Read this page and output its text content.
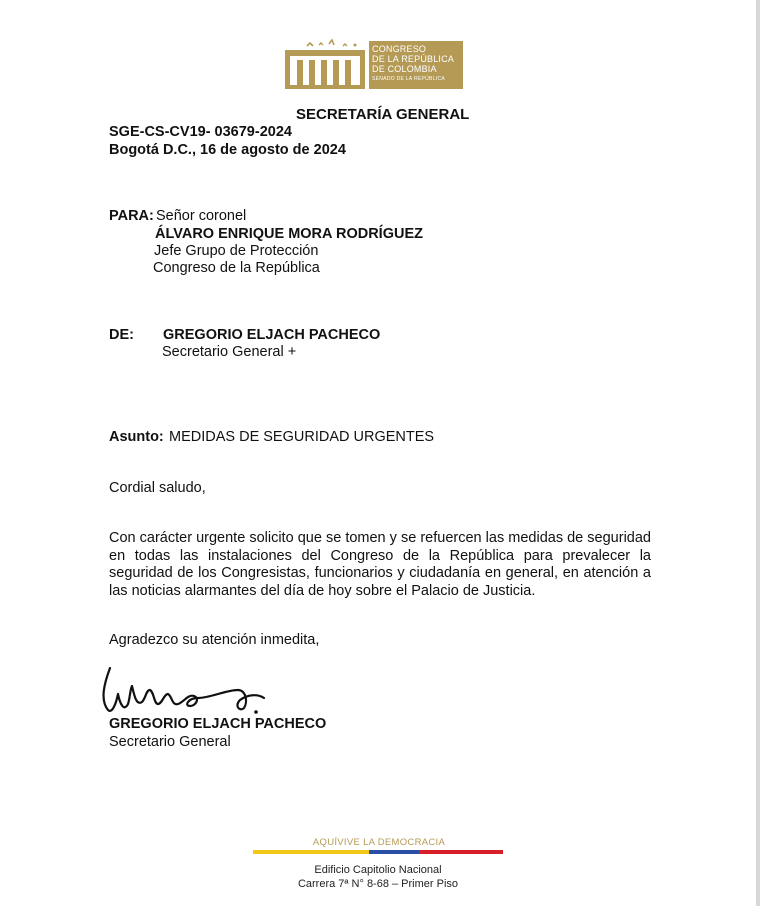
CONGRESO
DE LA REPÚBLICA
DE COLOMBIA
SENADO DE LA REPÚBLICA
SECRETARÍA GENERAL
SGE-CS-CV19- 03679-2024
Bogotá D.C., 16 de agosto de 2024
PARA: Señor coronel
ÁLVARO ENRIQUE MORA RODRÍGUEZ
Jefe Grupo de Protección
Congreso de la República
DE: GREGORIO ELJACH PACHECO
Secretario General +
Asunto: MEDIDAS DE SEGURIDAD URGENTES
Cordial saludo,
Con carácter urgente solicito que se tomen y se refuercen las medidas de seguridad en todas las instalaciones del Congreso de la República para prevalecer la seguridad de los Congresistas, funcionarios y ciudadanía en general, en atención a las noticias alarmantes del día de hoy sobre el Palacio de Justicia.
Agradezco su atención inmedita,
GREGORIO ELJACH PACHECO
Secretario General
AQUÍVIVE LA DEMOCRACIA
Edificio Capitolio Nacional
Carrera 7ª N° 8-68 – Primer Piso
